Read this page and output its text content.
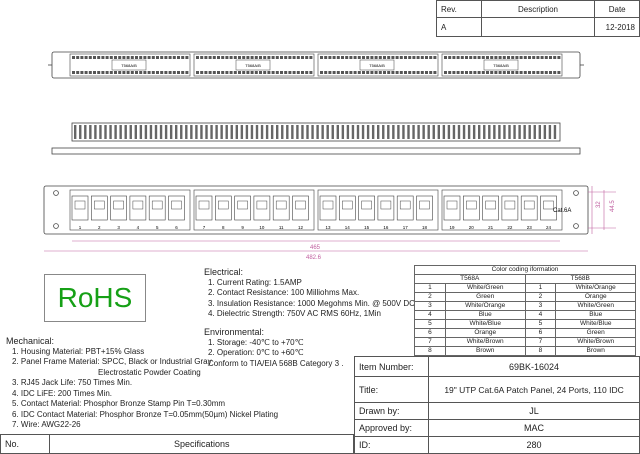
Rev.	Description	Date
A		12-2018
1	2	3	4	5	6	7	8	9	10	11	12	13	14	15	16	17	18	19	20	21	22	23	24
Cat.6A
465
482.6
32 44.5
T568A/B	T568A/B	T568A/B	T568A/B
RoHS
Electrical:
1. Current Rating: 1.5AMP
2. Contact Resistance: 100 Milliohms Max.
3. Insulation Resistance: 1000 Megohms Min. @ 500V DC
4. Dielectric Strength: 750V AC RMS 60Hz, 1Min
Environmental:
1. Storage: -40℃ to +70℃
2. Operation: 0℃ to +60℃
Conform to TIA/EIA 568B Category 3 .
Mechanical:
1. Housing Material: PBT+15% Glass
2. Panel Frame Material: SPCC, Black or Industrial Gray
Electrostatic Powder Coating
3. RJ45 Jack Life: 750 Times Min.
4. IDC LiFE: 200 Times Min.
5. Contact Material: Phosphor Bronze Stamp Pin T=0.30mm
6. IDC Contact Material: Phosphor Bronze T=0.05mm(50µm) Nickel Plating
7. Wire: AWG22-26
Color coding iformation			
T568A		T568B	
1	White/Green	1	White/Orange
2	Green	2	Orange
3	White/Orange	3	White/Green
4	Blue	4	Blue
5	White/Blue	5	White/Blue
6	Orange	6	Green
7	White/Brown	7	White/Brown
8	Brown	8	Brown
Item Number:	69BK-16024
Title:	19" UTP Cat.6A Patch Panel, 24 Ports, 110 IDC
Drawn by:	JL
Approved by:	MAC
ID:	280
No.	Specifications
